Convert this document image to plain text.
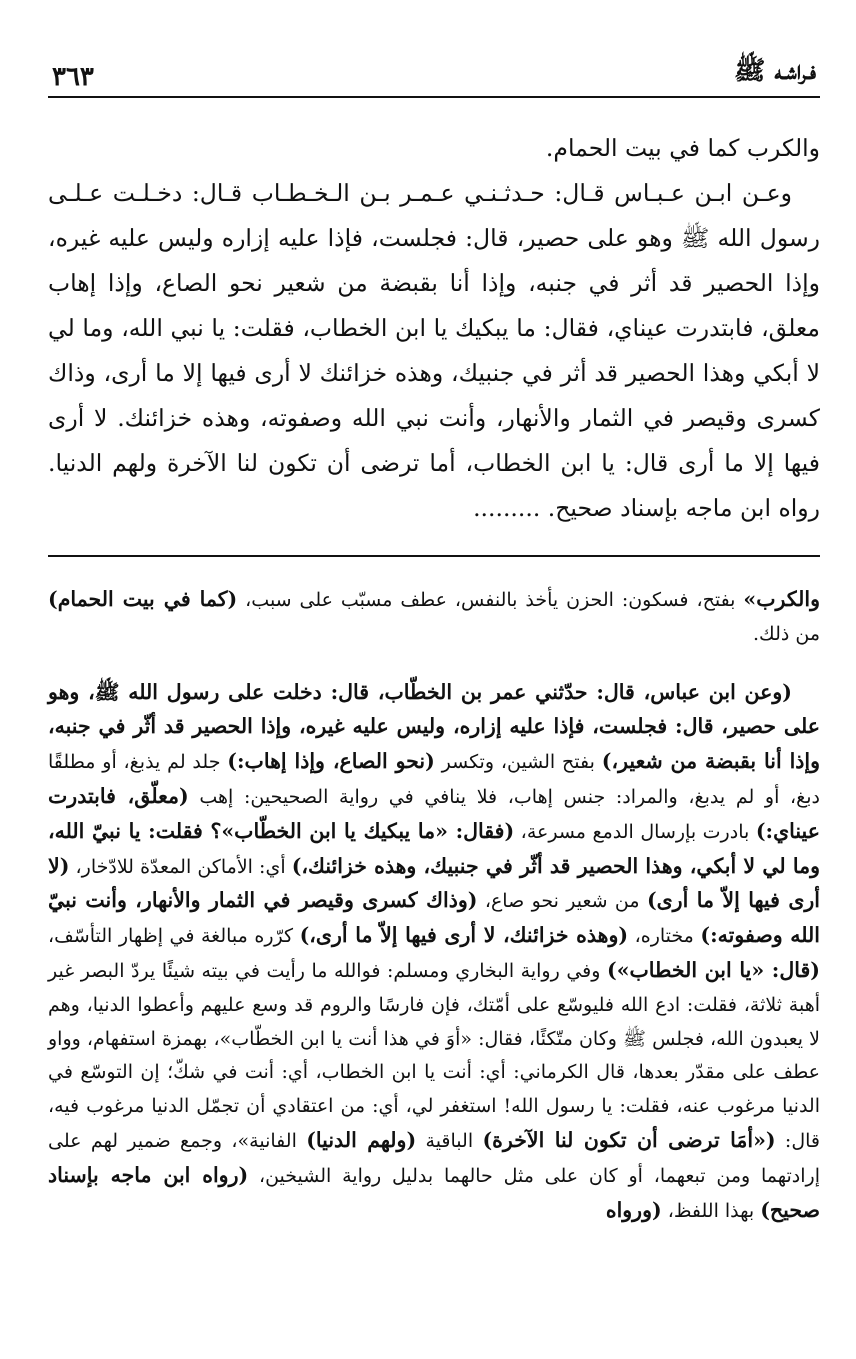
فـراشـه ﷺ
٣٦٣

والكرب كما في بيت الحمام.

وعـن ابـن عـبـاس قـال: حـدثـنـي عـمـر بـن الـخـطـاب قـال: دخـلـت عـلـى رسول الله ﷺ وهو على حصير، قال: فجلست، فإذا عليه إزاره وليس عليه غيره، وإذا الحصير قد أثر في جنبه، وإذا أنا بقبضة من شعير نحو الصاع، وإذا إهاب معلق، فابتدرت عيناي، فقال: ما يبكيك يا ابن الخطاب، فقلت: يا نبي الله، وما لي لا أبكي وهذا الحصير قد أثر في جنبيك، وهذه خزائنك لا أرى فيها إلا ما أرى، وذاك كسرى وقيصر في الثمار والأنهار، وأنت نبي الله وصفوته، وهذه خزائنك. لا أرى فيها إلا ما أرى قال: يا ابن الخطاب، أما ترضى أن تكون لنا الآخرة ولهم الدنيا. رواه ابن ماجه بإسناد صحيح. .........

والكرب» بفتح، فسكون: الحزن يأخذ بالنفس، عطف مسبّب على سبب، (كما في بيت الحمام) من ذلك.

(وعن ابن عباس، قال: حدّثني عمر بن الخطّاب، قال: دخلت على رسول الله ﷺ، وهو على حصير، قال: فجلست، فإذا عليه إزاره، وليس عليه غيره، وإذا الحصير قد أثّر في جنبه، وإذا أنا بقبضة من شعير،) بفتح الشين، وتكسر (نحو الصاع، وإذا إهاب:) جلد لم يذبغ، أو مطلقًا دبغ، أو لم يدبغ، والمراد: جنس إهاب، فلا ينافي في رواية الصحيحين: إهب (معلّق، فابتدرت عيناي:) بادرت بإرسال الدمع مسرعة، (فقال: «ما يبكيك يا ابن الخطّاب»؟ فقلت: يا نبيّ الله، وما لي لا أبكي، وهذا الحصير قد أثّر في جنبيك، وهذه خزائنك،) أي: الأماكن المعدّة للادّخار، (لا أرى فيها إلاّ ما أرى) من شعير نحو صاع، (وذاك كسرى وقيصر في الثمار والأنهار، وأنت نبيّ الله وصفوته:) مختاره، (وهذه خزائنك، لا أرى فيها إلاّ ما أرى،) كرّره مبالغة في إظهار التأسّف، (قال: «يا ابن الخطاب») وفي رواية البخاري ومسلم: فوالله ما رأيت في بيته شيئًا يردّ البصر غير أهبة ثلاثة، فقلت: ادع الله فليوسّع على أمّتك، فإن فارسًا والروم قد وسع عليهم وأعطوا الدنيا، وهم لا يعبدون الله، فجلس ﷺ وكان متّكئًا، فقال: «أوَ في هذا أنت يا ابن الخطّاب»، بهمزة استفهام، وواو عطف على مقدّر بعدها، قال الكرماني: أي: أنت يا ابن الخطاب، أي: أنت في شكّ؛ إن التوسّع في الدنيا مرغوب عنه، فقلت: يا رسول الله! استغفر لي، أي: من اعتقادي أن تجمّل الدنيا مرغوب فيه، قال: («أمَا ترضى أن تكون لنا الآخرة) الباقية (ولهم الدنيا) الفانية»، وجمع ضمير لهم على إرادتهما ومن تبعهما، أو كان على مثل حالهما بدليل رواية الشيخين، (رواه ابن ماجه بإسناد صحيح) بهذا اللفظ، (ورواه
